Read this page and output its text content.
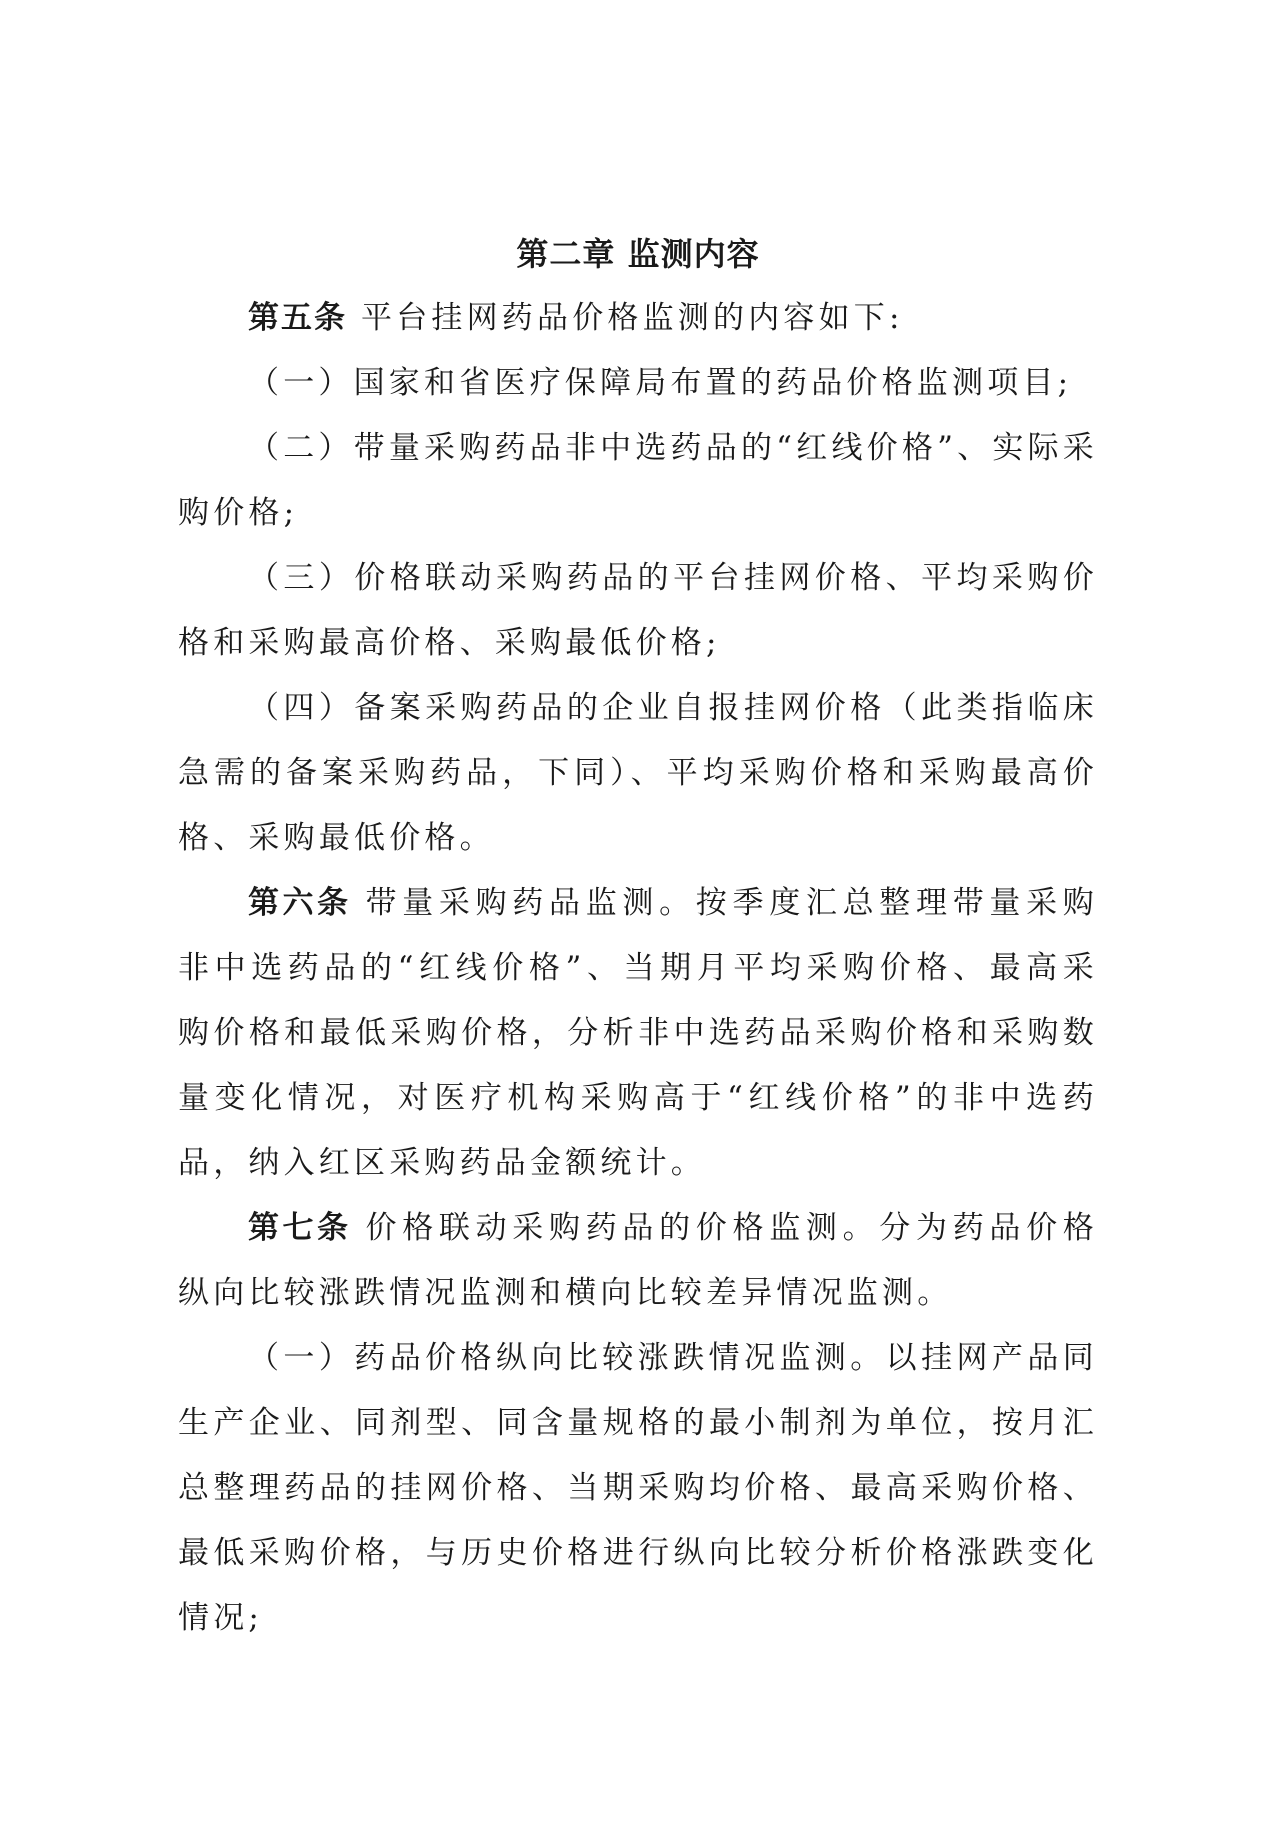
第二章 监测内容

第五条 平台挂网药品价格监测的内容如下:

（一）国家和省医疗保障局布置的药品价格监测项目;

（二）带量采购药品非中选药品的“红线价格”、实际采购价格;

（三）价格联动采购药品的平台挂网价格、平均采购价格和采购最高价格、采购最低价格;

（四）备案采购药品的企业自报挂网价格（此类指临床急需的备案采购药品，下同）、平均采购价格和采购最高价格、采购最低价格。

第六条 带量采购药品监测。按季度汇总整理带量采购非中选药品的“红线价格”、当期月平均采购价格、最高采购价格和最低采购价格，分析非中选药品采购价格和采购数量变化情况，对医疗机构采购高于“红线价格”的非中选药品，纳入红区采购药品金额统计。

第七条 价格联动采购药品的价格监测。分为药品价格纵向比较涨跌情况监测和横向比较差异情况监测。

（一）药品价格纵向比较涨跌情况监测。以挂网产品同生产企业、同剂型、同含量规格的最小制剂为单位，按月汇总整理药品的挂网价格、当期采购均价格、最高采购价格、最低采购价格，与历史价格进行纵向比较分析价格涨跌变化情况;
